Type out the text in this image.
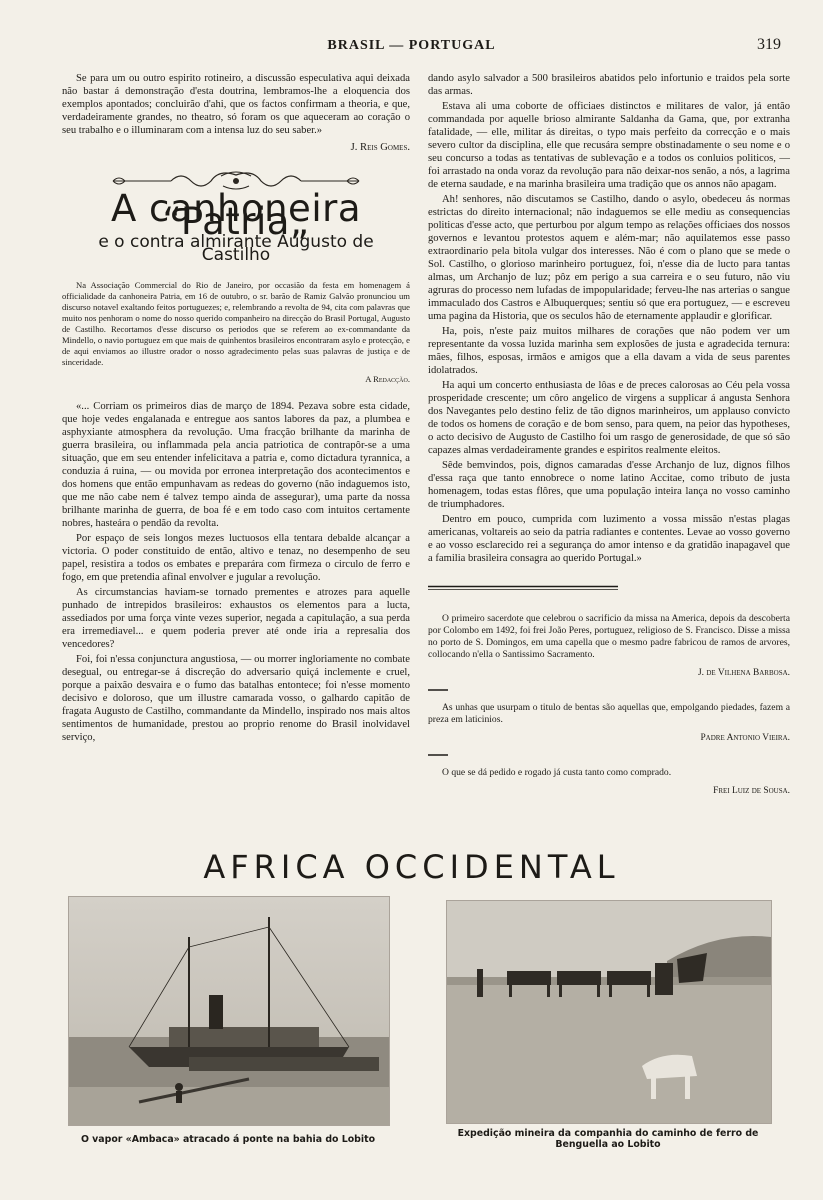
BRASIL — PORTUGAL	319

Se para um ou outro espirito rotineiro, a discussão especulativa aqui deixada não bastar á demonstração d'esta doutrina, lembramos-lhe a eloquencia dos exemplos apontados; concluirão d'ahi, que os factos confirmam a theoria, e que, verdadeiramente grandes, no theatro, só foram os que aqueceram ao coração o seu trabalho e o illuminaram com a intensa luz do seu saber.»

J. Reis Gomes.
A canhoneira “Patria„
e o contra almirante Augusto de Castilho

Na Associação Commercial do Rio de Janeiro, por occasião da festa em homenagem á officialidade da canhoneira Patria, em 16 de outubro, o sr. barão de Ramiz Galvão pronunciou um discurso notavel exaltando feitos portuguezes; e, relembrando a revolta de 94, cita com palavras que muito nos penhoram o nome do nosso querido companheiro na direcção do Brasil Portugal, Augusto de Castilho. Recortamos d'esse discurso os periodos que se referem ao ex-commandante da Mindello, o navio portuguez em que mais de quinhentos brasileiros encontraram asylo e protecção, e de aqui enviamos ao illustre orador o nosso agradecimento pelas suas palavras de justiça e de sinceridade.

A Redacção.

«... Corriam os primeiros dias de março de 1894. Pezava sobre esta cidade, que hoje vedes engalanada e entregue aos santos labores da paz, a plumbea e asphyxiante atmosphera da revolução. Uma fracção brilhante da marinha de guerra brasileira, ou inflammada pela ancia patriotica de contrapôr-se a uma situação, que em seu entender infelicitava a patria e, como dictadura tyrannica, a conduzia á ruina, — ou movida por erronea interpretação dos acontecimentos e dos homens que então empunhavam as redeas do governo (não indaguemos isto, que me não cabe nem é talvez tempo ainda de assegurar), uma parte da nossa brilhante marinha de guerra, de boa fé e em todo caso com intuitos certamente nobres, hasteára o pendão da revolta.

Por espaço de seis longos mezes luctuosos ella tentara debalde alcançar a victoria. O poder constituido de então, altivo e tenaz, no desempenho de seu papel, resistira a todos os embates e preparára com firmeza o circulo de ferro e fogo, em que pretendia afinal envolver e jugular a revolução.

As circumstancias haviam-se tornado prementes e atrozes para aquelle punhado de intrepidos brasileiros: exhaustos os elementos para a lucta, assediados por uma força vinte vezes superior, negada a capitulação, a sua perda era irremediavel... e quem poderia prever até onde iria a represalia dos vencedores?

Foi, foi n'essa conjunctura angustiosa, — ou morrer ingloriamente no combate desegual, ou entregar-se á discreção do adversario quiçá inclemente e cruel, porque a paixão desvaira e o fumo das batalhas entontece; foi n'esse momento decisivo e doloroso, que um illustre camarada vosso, o galhardo capitão de fragata Augusto de Castilho, commandante da Mindello, inspirado nos mais altos sentimentos de humanidade, prestou ao proprio renome do Brasil inolvidavel serviço,

dando asylo salvador a 500 brasileiros abatidos pelo infortunio e traidos pela sorte das armas.

Estava ali uma coborte de officiaes distinctos e militares de valor, já então commandada por aquelle brioso almirante Saldanha da Gama, que, por extranha fatalidade, — elle, militar ás direitas, o typo mais perfeito da correcção e o mais severo cultor da disciplina, elle que recusára sempre obstinadamente o seu nome e o seu concurso a todas as tentativas de sublevação e a todos os conluios politicos, — foi arrastado na onda voraz da revolução para não deixar-nos senão, a nós, a lagrima de eterna saudade, e na marinha brasileira uma tradição que os annos não apagam.

Ah! senhores, não discutamos se Castilho, dando o asylo, obedeceu ás normas estrictas do direito internacional; não indaguemos se elle mediu as consequencias politicas d'esse acto, que perturbou por algum tempo as relações officiaes dos nossos governos e levantou protestos aquem e além-mar; não aquilatemos esse passo extraordinario pela bitola vulgar dos interesses. Não é com o plano que se mede o Sol. Castilho, o glorioso marinheiro portuguez, foi, n'esse dia de lucto para tantas almas, um Archanjo de luz; pôz em perigo a sua carreira e o seu futuro, não viu agruras do processo nem lufadas de impopularidade; ferveu-lhe nas arterias o sangue immaculado dos Castros e Albuquerques; sentiu só que era portuguez, — e escreveu uma pagina da Historia, que os seculos hão de eternamente applaudir e glorificar.

Ha, pois, n'este paiz muitos milhares de corações que não podem ver um representante da vossa luzida marinha sem explosões de justa e agradecida ternura: mães, filhos, esposas, irmãos e amigos que a ella davam a vida de seus parentes idolatrados.

Ha aqui um concerto enthusiasta de lôas e de preces calorosas ao Céu pela vossa prosperidade crescente; um côro angelico de virgens a supplicar á angusta Senhora dos Navegantes pelo destino feliz de tão dignos marinheiros, um applauso convicto de todos os homens de coração e de bom senso, para quem, na peior das hypotheses, o acto decisivo de Augusto de Castilho foi um rasgo de generosidade, de que só são capazes almas verdadeiramente grandes e espiritos realmente eleitos.

Sêde bemvindos, pois, dignos camaradas d'esse Archanjo de luz, dignos filhos d'essa raça que tanto ennobrece o nome latino Accitae, como tributo de justa homenagem, todas estas flôres, que uma população inteira lança no vosso caminho de triumphadores.

Dentro em pouco, cumprida com luzimento a vossa missão n'estas plagas americanas, voltareis ao seio da patria radiantes e contentes. Levae ao vosso governo e ao vosso esclarecido rei a segurança do amor intenso e da gratidão inapagavel que a familia brasileira consagra ao querido Portugal.»

O primeiro sacerdote que celebrou o sacrificio da missa na America, depois da descoberta por Colombo em 1492, foi frei João Peres, portuguez, religioso de S. Francisco. Disse a missa no porto de S. Domingos, em uma capella que o mesmo padre fabricou de ramos de arvores, collocando n'ella o Santissimo Sacramento.

J. de Vilhena Barbosa.

As unhas que usurpam o titulo de bentas são aquellas que, empolgando piedades, fazem a preza em laticinios.

Padre Antonio Vieira.

O que se dá pedido e rogado já custa tanto como comprado.

Frei Luiz de Sousa.
AFRICA OCCIDENTAL
O vapor «Ambaca» atracado á ponte na bahia do Lobito
Expedição mineira da companhia do caminho de ferro de Benguella ao Lobito
